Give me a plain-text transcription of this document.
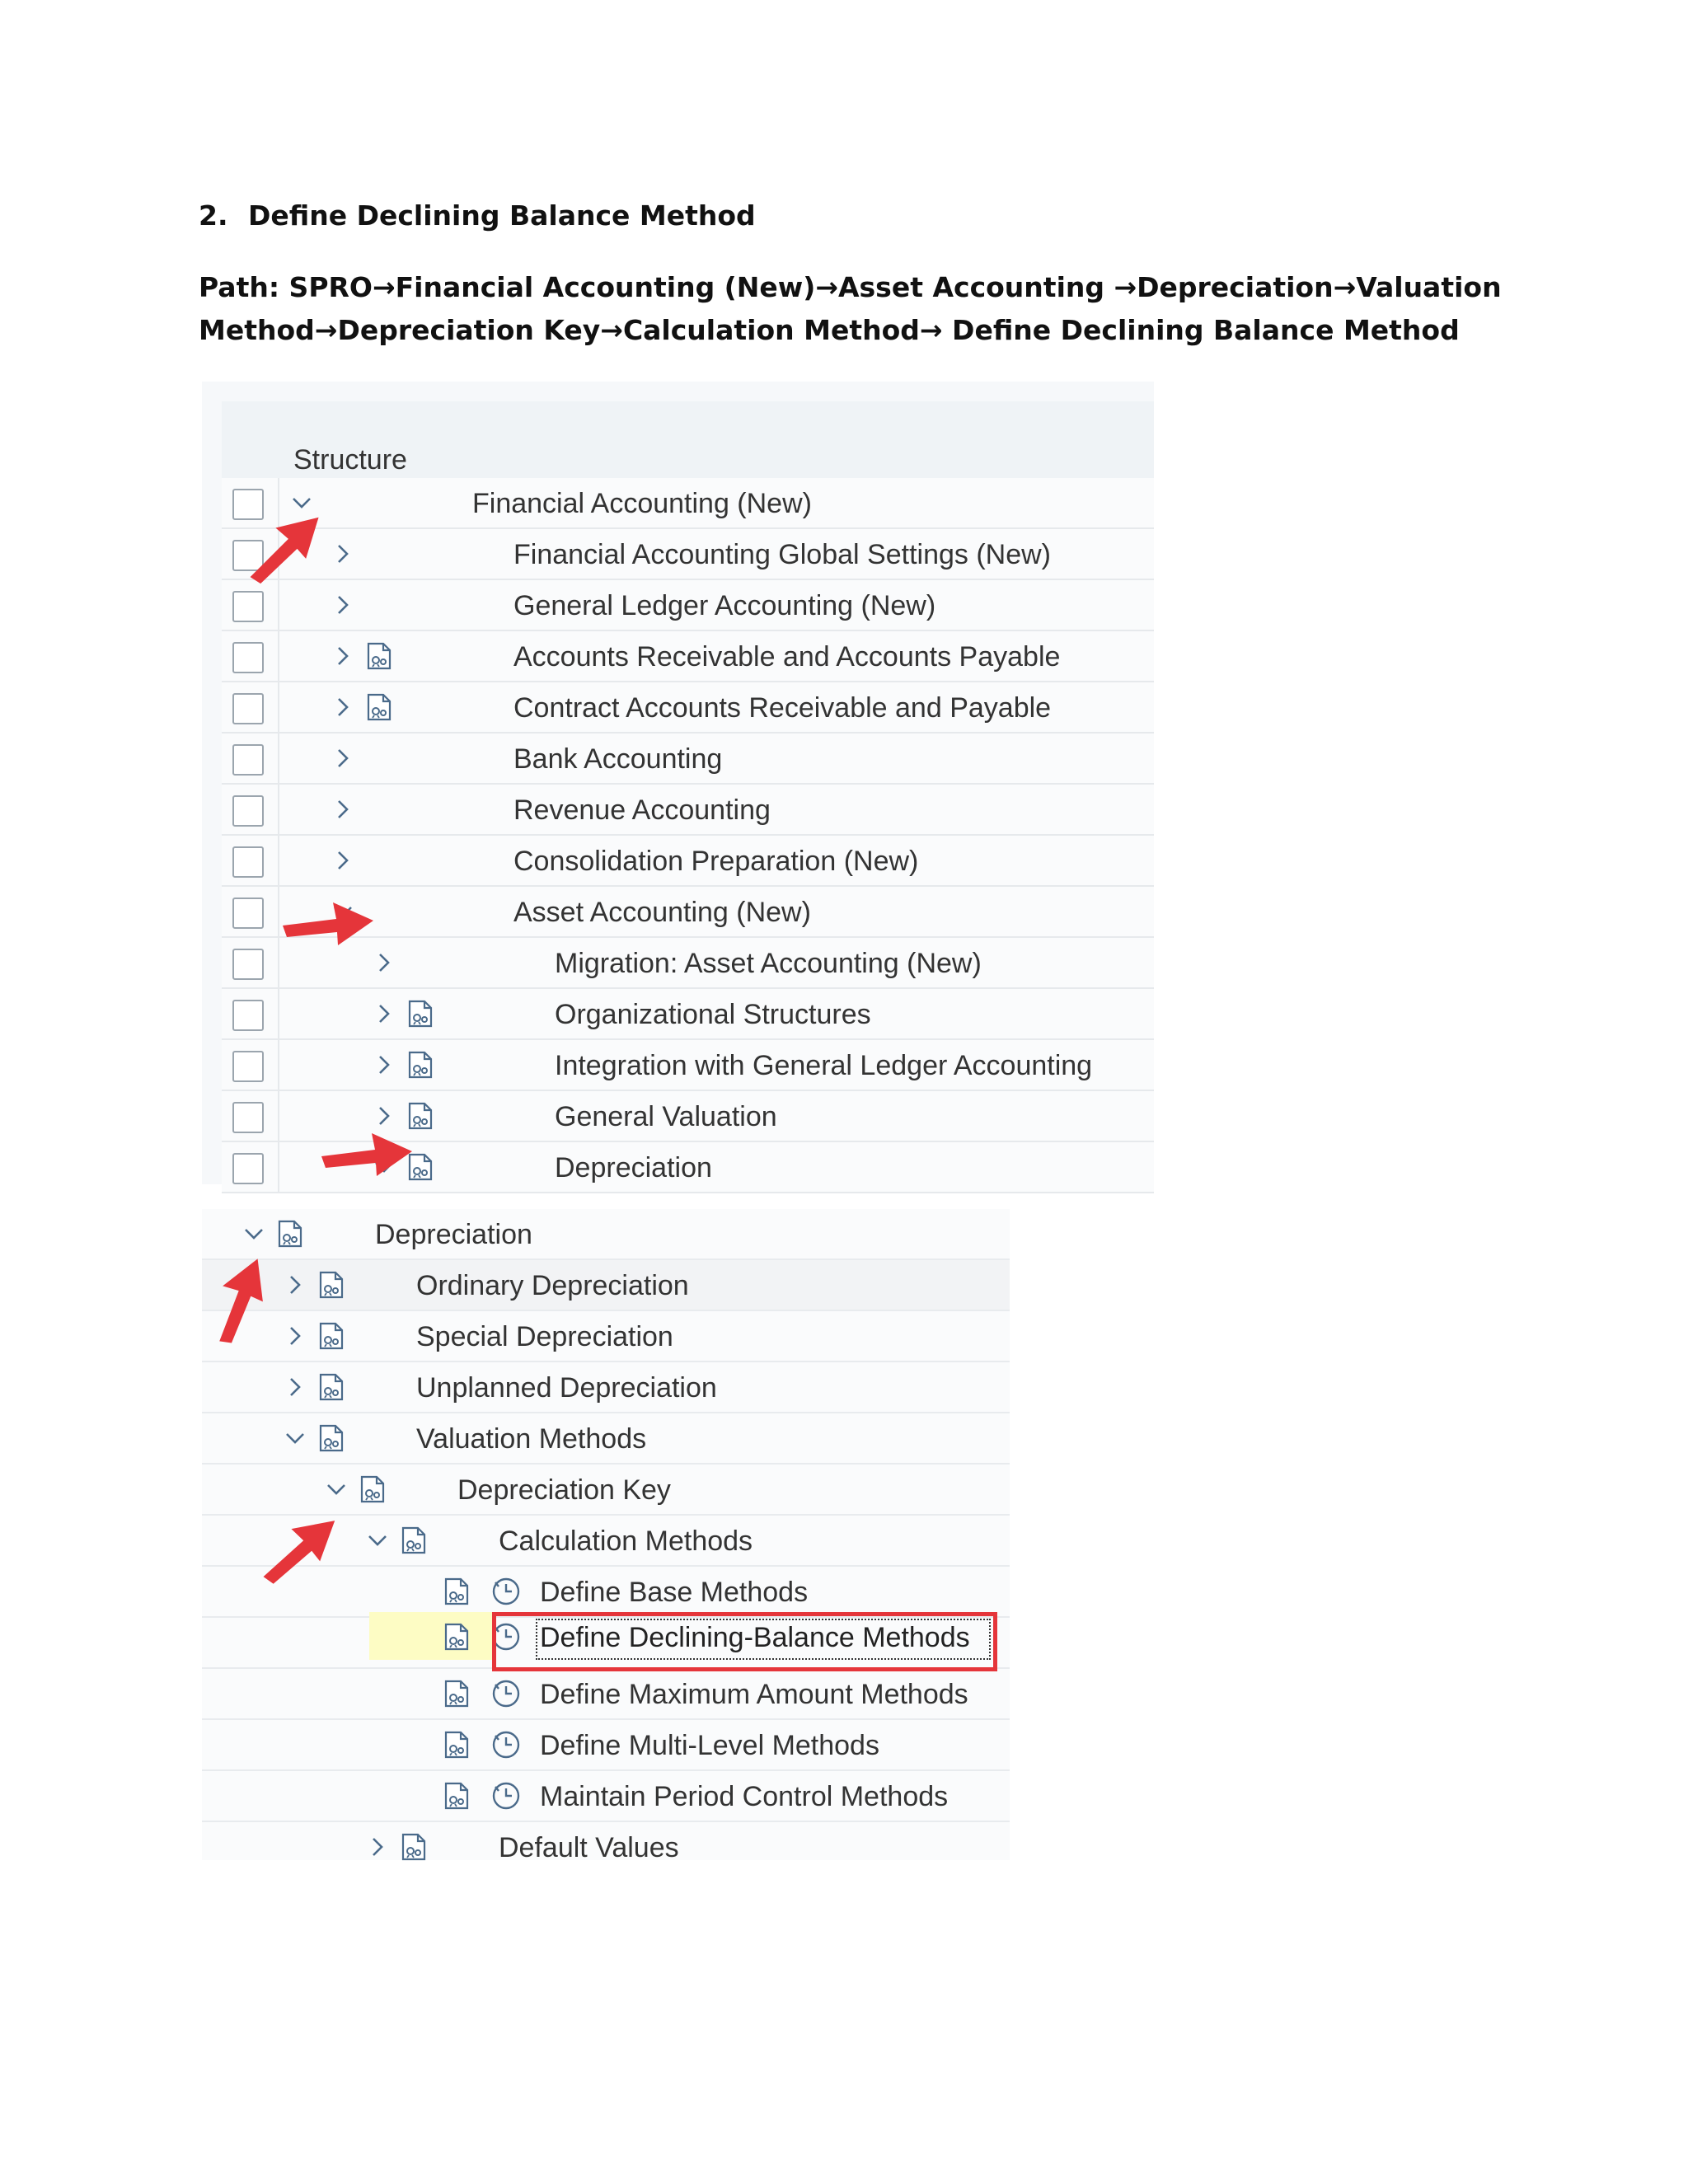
2. Define Declining Balance Method
Path: SPRO→Financial Accounting (New)→Asset Accounting →Depreciation→Valuation Method→Depreciation Key→Calculation Method→ Define Declining Balance Method
Structure
Financial Accounting (New)
Financial Accounting Global Settings (New)
General Ledger Accounting (New)
Accounts Receivable and Accounts Payable
Contract Accounts Receivable and Payable
Bank Accounting
Revenue Accounting
Consolidation Preparation (New)
Asset Accounting (New)
Migration: Asset Accounting (New)
Organizational Structures
Integration with General Ledger Accounting
General Valuation
Depreciation
Depreciation
Ordinary Depreciation
Special Depreciation
Unplanned Depreciation
Valuation Methods
Depreciation Key
Calculation Methods
Define Base Methods
Define Maximum Amount Methods
Define Multi-Level Methods
Maintain Period Control Methods
Default Values
Define Declining-Balance Methods
